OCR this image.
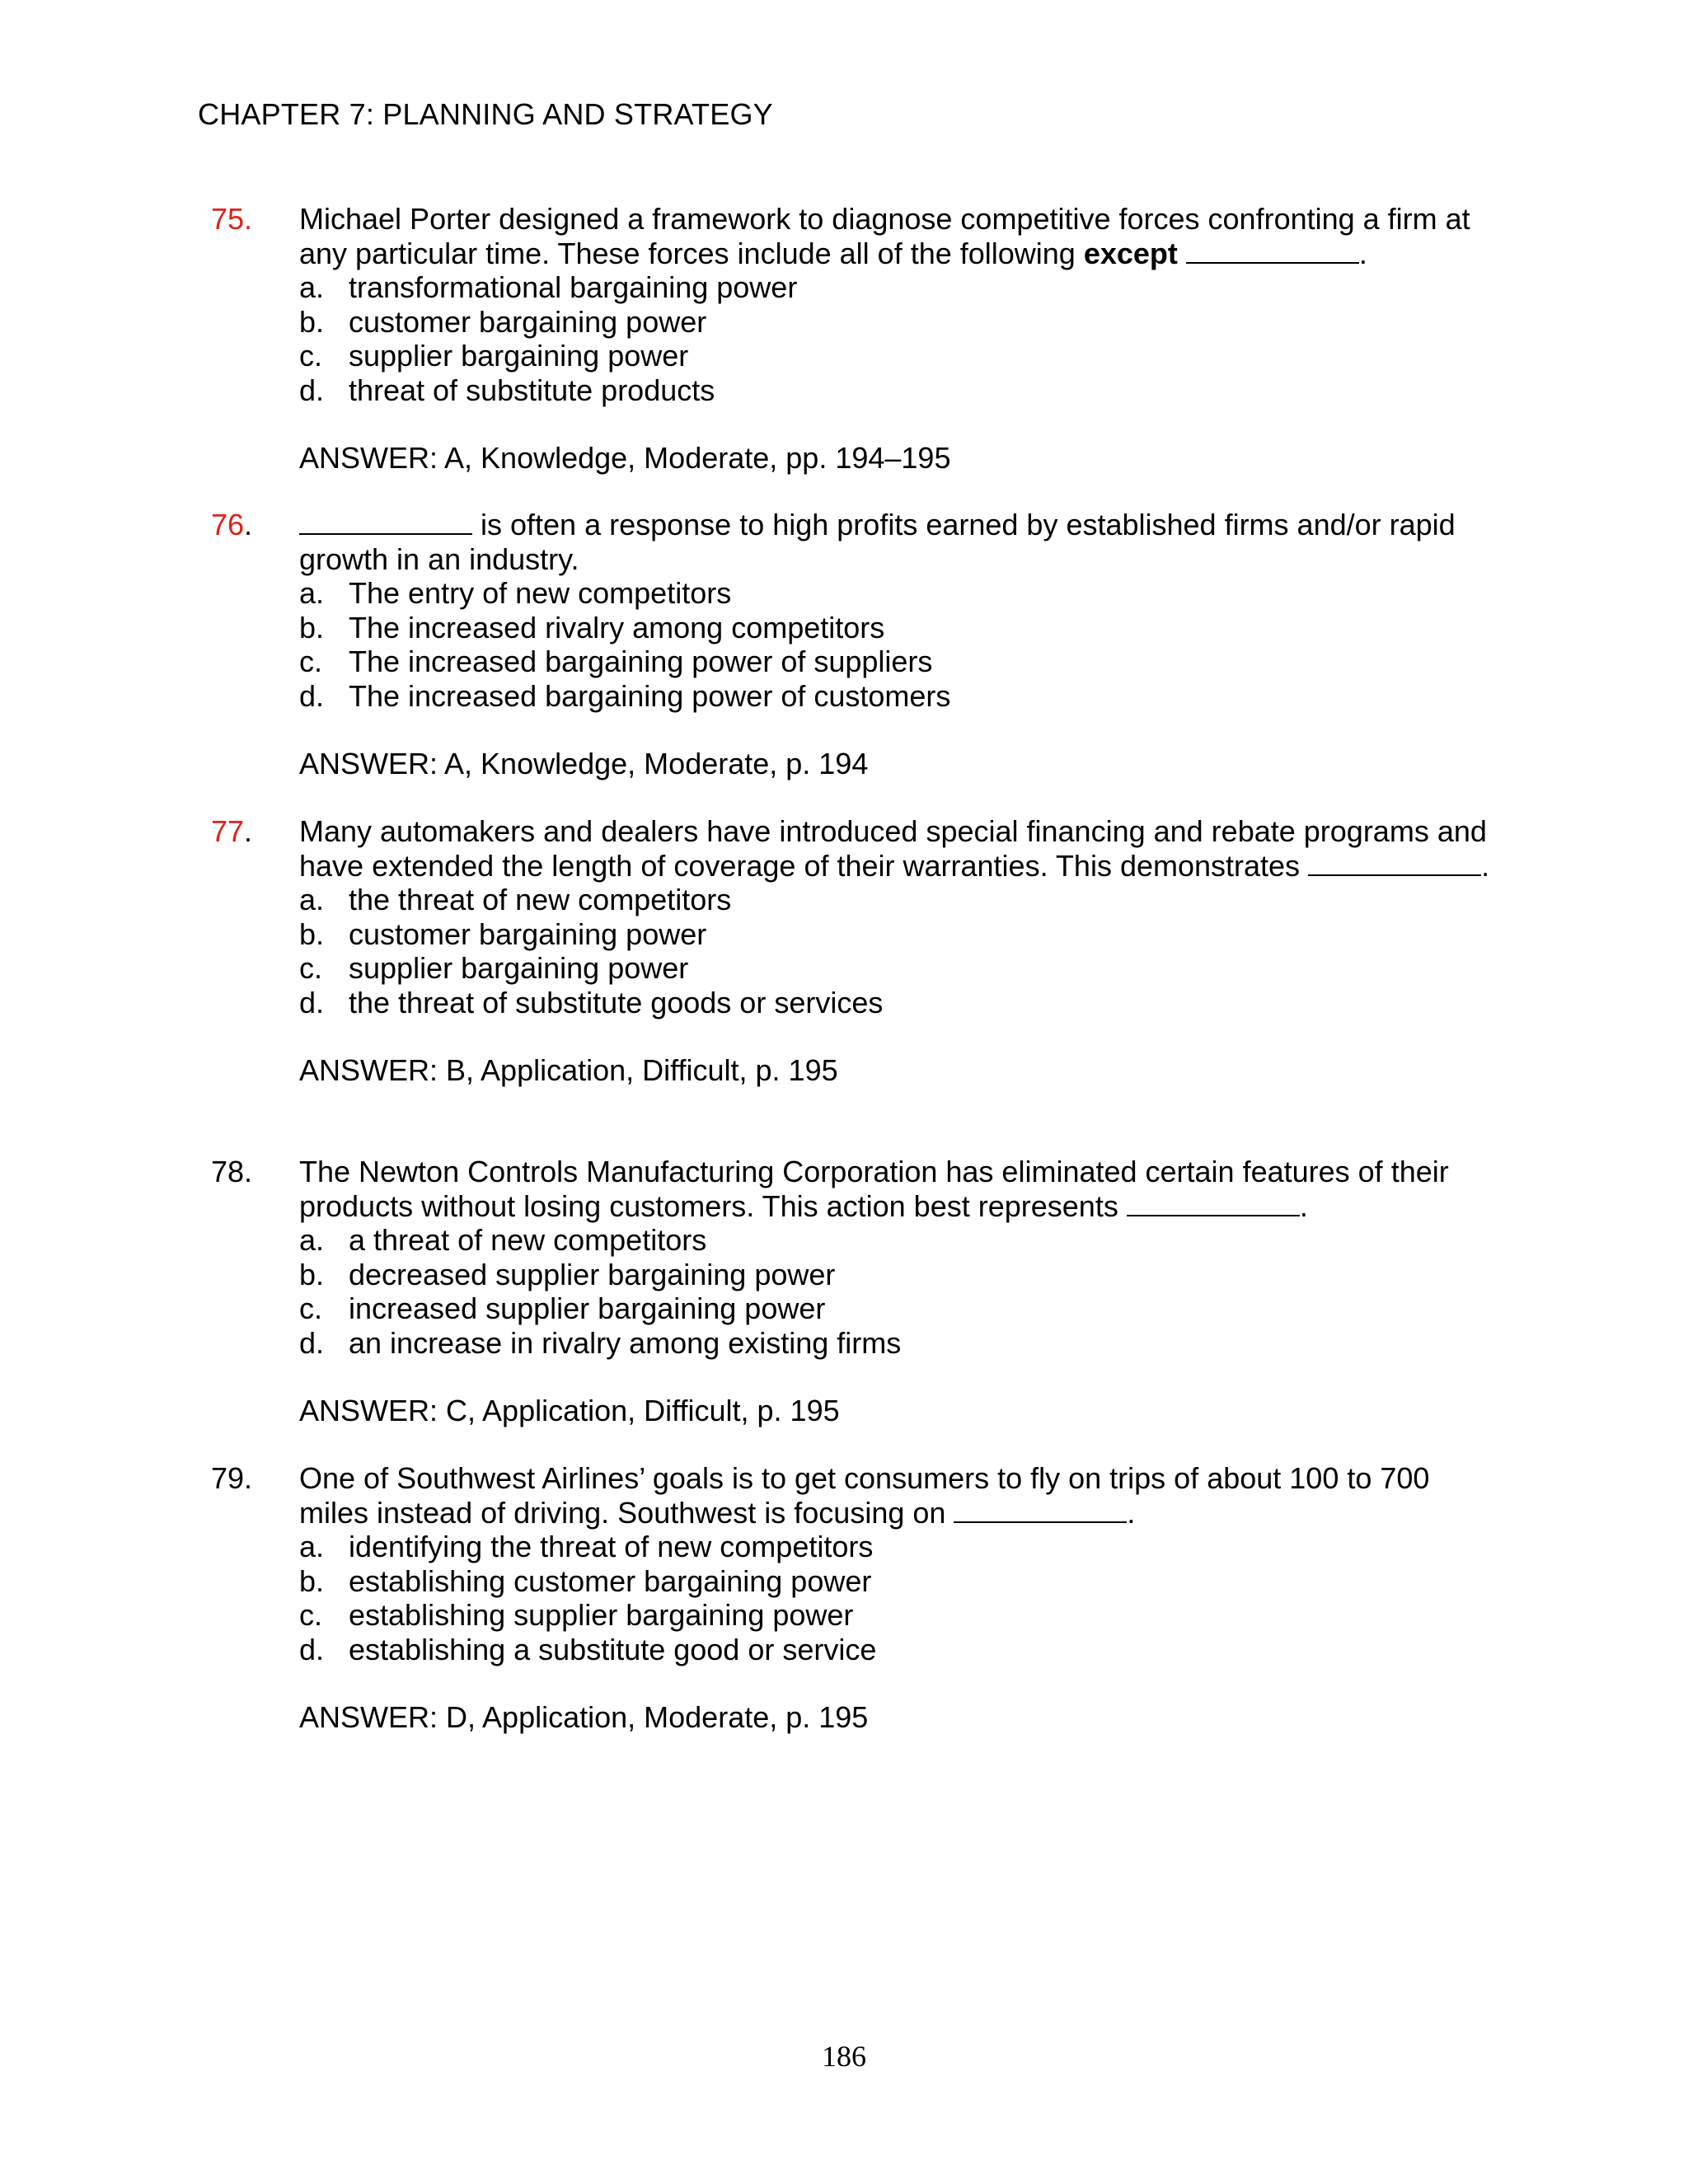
CHAPTER 7: PLANNING AND STRATEGY
75.	Michael Porter designed a framework to diagnose competitive forces confronting a firm at any particular time. These forces include all of the following except	.

a. transformational bargaining power
b. customer bargaining power
c. supplier bargaining power
d. threat of substitute products

ANSWER: A, Knowledge, Moderate, pp. 194–195

76.	is often a response to high profits earned by established firms and/or rapid growth in an industry.

a. The entry of new competitors
b. The increased rivalry among competitors
c. The increased bargaining power of suppliers
d. The increased bargaining power of customers

ANSWER: A, Knowledge, Moderate, p. 194

77.	Many automakers and dealers have introduced special financing and rebate programs and have extended the length of coverage of their warranties. This demonstrates	.

a. the threat of new competitors
b. customer bargaining power
c. supplier bargaining power
d. the threat of substitute goods or services

ANSWER: B, Application, Difficult, p. 195

78.	The Newton Controls Manufacturing Corporation has eliminated certain features of their products without losing customers. This action best represents	.

a. a threat of new competitors
b. decreased supplier bargaining power
c. increased supplier bargaining power
d. an increase in rivalry among existing firms

ANSWER: C, Application, Difficult, p. 195

79.	One of Southwest Airlines’ goals is to get consumers to fly on trips of about 100 to 700 miles instead of driving. Southwest is focusing on	.

a. identifying the threat of new competitors
b. establishing customer bargaining power
c. establishing supplier bargaining power
d. establishing a substitute good or service

ANSWER: D, Application, Moderate, p. 195

186
